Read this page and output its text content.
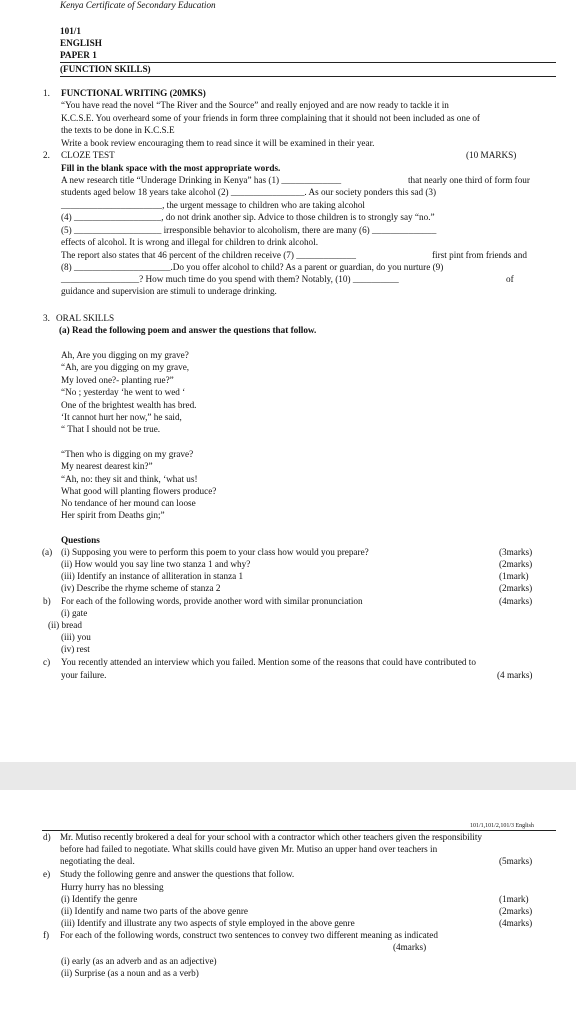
Kenya Certificate of Secondary Education
101/1
ENGLISH
PAPER 1
(FUNCTION SKILLS)
1. FUNCTIONAL WRITING (20MKS)
“You have read the novel “The River and the Source” and really enjoyed and are now ready to tackle it in
K.C.S.E. You overheard some of your friends in form three complaining that it should not been included as one of
the texts to be done in K.C.S.E
Write a book review encouraging them to read since it will be examined in their year.
2. CLOZE TEST	(10 MARKS)
Fill in the blank space with the most appropriate words.
A new research title “Underage Drinking in Kenya” has (1) _____________	that nearly one third of form four
students aged below 18 years take alcohol (2) ________________. As our society ponders this sad (3)
______________________, the urgent message to children who are taking alcohol
(4) ___________________, do not drink another sip. Advice to those children is to strongly say “no.”
(5) ___________________ irresponsible behavior to alcoholism, there are many (6) ______________
effects of alcohol. It is wrong and illegal for children to drink alcohol.
The report also states that 46 percent of the children receive (7) _____________	first pint from friends and
(8) _____________________.Do you offer alcohol to child? As a parent or guardian, do you nurture (9)
_________________? How much time do you spend with them? Notably, (10) __________	of
guidance and supervision are stimuli to underage drinking.
3. ORAL SKILLS
(a) Read the following poem and answer the questions that follow.
Ah, Are you digging on my grave?
“Ah, are you digging on my grave,
My loved one?- planting rue?”
“No ; yesterday ‘he went to wed ‘
One of the brightest wealth has bred.
‘It cannot hurt her now,” he said,
“ That I should not be true.
“Then who is digging on my grave?
My nearest dearest kin?”
“Ah, no: they sit and think, ‘what us!
What good will planting flowers produce?
No tendance of her mound can loose
Her spirit from Deaths gin;”
Questions
(a) (i) Supposing you were to perform this poem to your class how would you prepare?	(3marks)
(ii) How would you say line two stanza 1 and why?	(2marks)
(iii) Identify an instance of alliteration in stanza 1	(1mark)
(iv) Describe the rhyme scheme of stanza 2	(2marks)
b) For each of the following words, provide another word with similar pronunciation	(4marks)
(i) gate
(ii) bread
(iii) you
(iv) rest
c) You recently attended an interview which you failed. Mention some of the reasons that could have contributed to
your failure.	(4 marks)
101/1,101/2,101/3 English
d) Mr. Mutiso recently brokered a deal for your school with a contractor which other teachers given the responsibility
before had failed to negotiate. What skills could have given Mr. Mutiso an upper hand over teachers in
negotiating the deal.	(5marks)
e) Study the following genre and answer the questions that follow.
Hurry hurry has no blessing
(i) Identify the genre	(1mark)
(ii) Identify and name two parts of the above genre	(2marks)
(iii) Identify and illustrate any two aspects of style employed in the above genre	(4marks)
f) For each of the following words, construct two sentences to convey two different meaning as indicated
(4marks)
(i) early (as an adverb and as an adjective)
(ii) Surprise (as a noun and as a verb)
